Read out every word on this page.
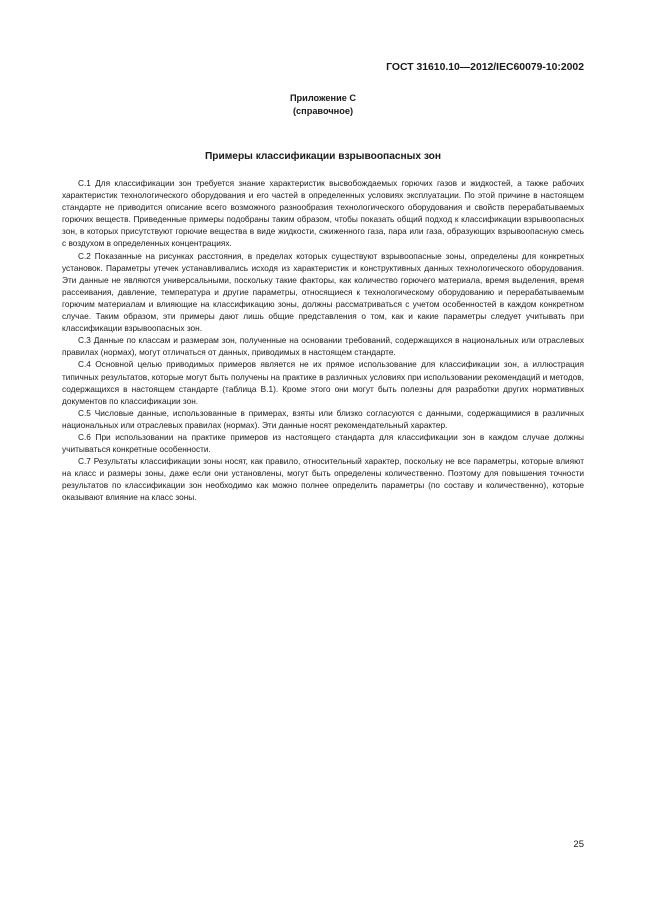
ГОСТ 31610.10—2012/IEC60079-10:2002
Приложение С
(справочное)
Примеры классификации взрывоопасных зон

С.1 Для классификации зон требуется знание характеристик высвобождаемых горючих газов и жидкостей, а также рабочих характеристик технологического оборудования и его частей в определенных условиях эксплуатации. По этой причине в настоящем стандарте не приводится описание всего возможного разнообразия технологического оборудования и свойств перерабатываемых горючих веществ. Приведенные примеры подобраны таким образом, чтобы показать общий подход к классификации взрывоопасных зон, в которых присутствуют горючие вещества в виде жидкости, сжиженного газа, пара или газа, образующих взрывоопасную смесь с воздухом в определенных концентрациях.

С.2 Показанные на рисунках расстояния, в пределах которых существуют взрывоопасные зоны, определены для конкретных установок. Параметры утечек устанавливались исходя из характеристик и конструктивных данных технологического оборудования. Эти данные не являются универсальными, поскольку такие факторы, как количество горючего материала, время выделения, время рассеивания, давление, температура и другие параметры, относящиеся к технологическому оборудованию и перерабатываемым горючим материалам и влияющие на классификацию зоны, должны рассматриваться с учетом особенностей в каждом конкретном случае. Таким образом, эти примеры дают лишь общие представления о том, как и какие параметры следует учитывать при классификации взрывоопасных зон.

С.3 Данные по классам и размерам зон, полученные на основании требований, содержащихся в национальных или отраслевых правилах (нормах), могут отличаться от данных, приводимых в настоящем стандарте.

С.4 Основной целью приводимых примеров является не их прямое использование для классификации зон, а иллюстрация типичных результатов, которые могут быть получены на практике в различных условиях при использовании рекомендаций и методов, содержащихся в настоящем стандарте (таблица В.1). Кроме этого они могут быть полезны для разработки других нормативных документов по классификации зон.

С.5 Числовые данные, использованные в примерах, взяты или близко согласуются с данными, содержащимися в различных национальных или отраслевых правилах (нормах). Эти данные носят рекомендательный характер.

С.6 При использовании на практике примеров из настоящего стандарта для классификации зон в каждом случае должны учитываться конкретные особенности.

С.7 Результаты классификации зоны носят, как правило, относительный характер, поскольку не все параметры, которые влияют на класс и размеры зоны, даже если они установлены, могут быть определены количественно. Поэтому для повышения точности результатов по классификации зон необходимо как можно полнее определить параметры (по составу и количественно), которые оказывают влияние на класс зоны.

25
